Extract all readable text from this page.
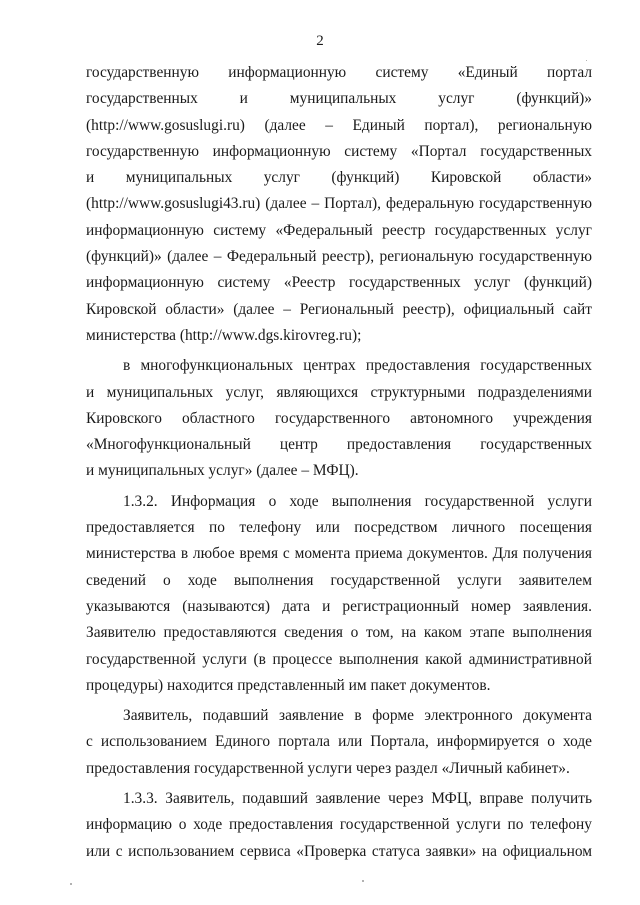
2
государственную информационную систему «Единый портал
государственных и муниципальных услуг (функций)»
(http://www.gosuslugi.ru) (далее – Единый портал), региональную
государственную информационную систему «Портал государственных
и муниципальных услуг (функций) Кировской области»
(http://www.gosuslugi43.ru) (далее – Портал), федеральную государственную
информационную систему «Федеральный реестр государственных услуг
(функций)» (далее – Федеральный реестр), региональную государственную
информационную систему «Реестр государственных услуг (функций)
Кировской области» (далее – Региональный реестр), официальный сайт
министерства (http://www.dgs.kirovreg.ru);
в многофункциональных центрах предоставления государственных
и муниципальных услуг, являющихся структурными подразделениями
Кировского областного государственного автономного учреждения
«Многофункциональный центр предоставления государственных
и муниципальных услуг» (далее – МФЦ).
1.3.2. Информация о ходе выполнения государственной услуги
предоставляется по телефону или посредством личного посещения
министерства в любое время с момента приема документов. Для получения
сведений о ходе выполнения государственной услуги заявителем
указываются (называются) дата и регистрационный номер заявления.
Заявителю предоставляются сведения о том, на каком этапе выполнения
государственной услуги (в процессе выполнения какой административной
процедуры) находится представленный им пакет документов.
Заявитель, подавший заявление в форме электронного документа
с использованием Единого портала или Портала, информируется о ходе
предоставления государственной услуги через раздел «Личный кабинет».
1.3.3. Заявитель, подавший заявление через МФЦ, вправе получить
информацию о ходе предоставления государственной услуги по телефону
или с использованием сервиса «Проверка статуса заявки» на официальном
